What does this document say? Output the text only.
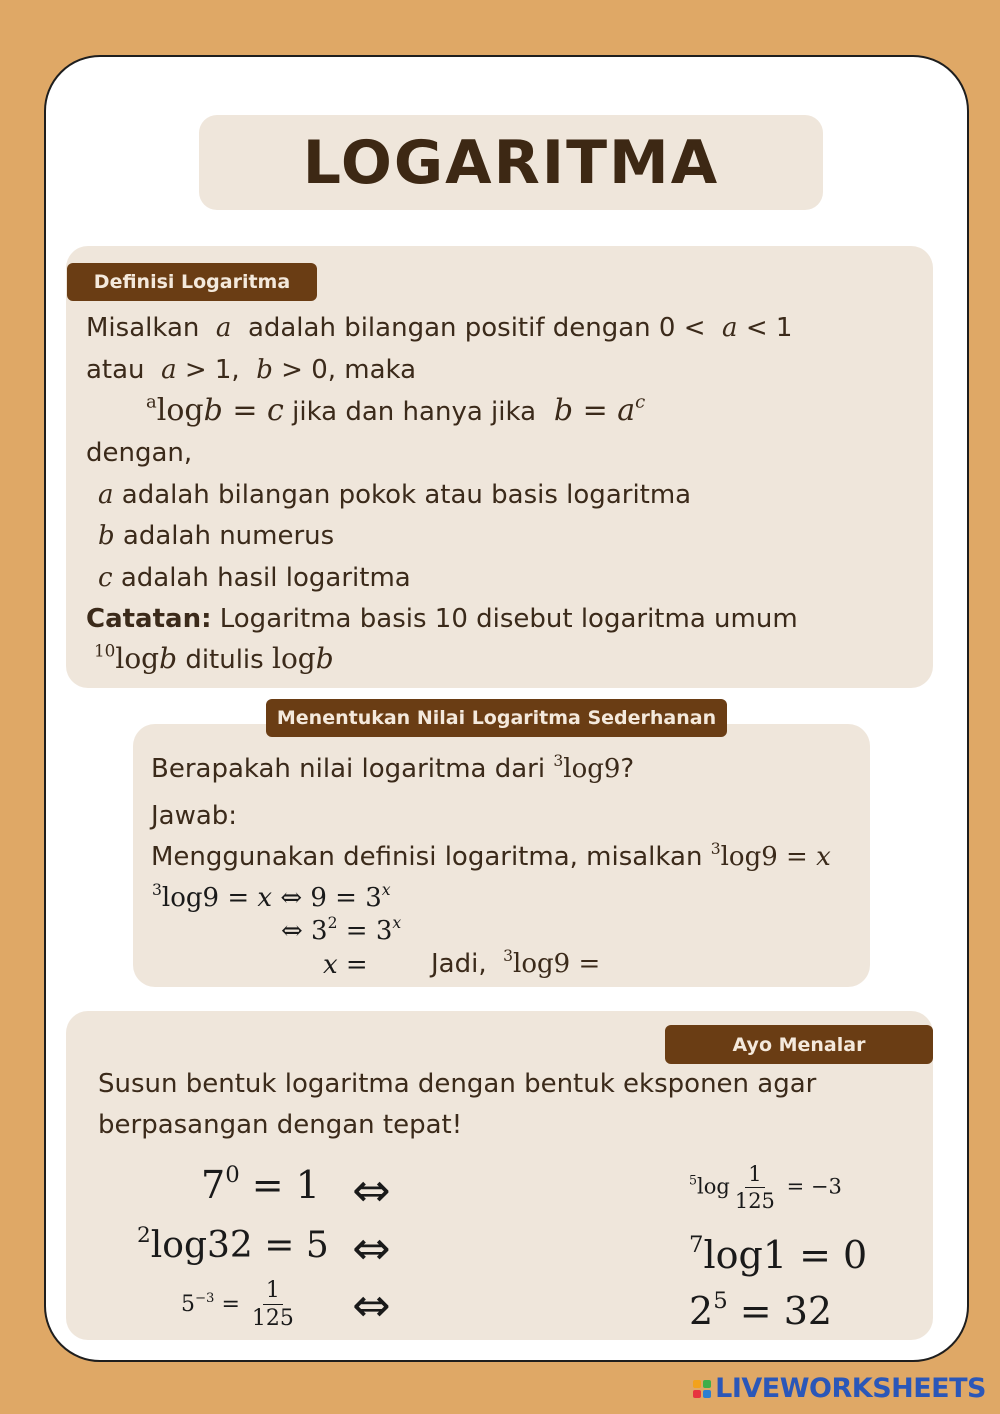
LOGARITMA
Definisi Logaritma
Misalkan  a  adalah bilangan positif dengan 0 <  a < 1
atau  a > 1,  b > 0, maka
$^a$logb = c jika dan hanya jika $b = a^c$
dengan,
a adalah bilangan pokok atau basis logaritma
b adalah numerus
c adalah hasil logaritma
Catatan: Logaritma basis 10 disebut logaritma umum
$^{10}$logb ditulis logb
Menentukan Nilai Logaritma Sederhanan
Berapakah nilai logaritma dari $^3$log9?
Jawab:
Menggunakan definisi logaritma, misalkan $^3$log9 = x
$^3$log9 = x ⇔ $9 = 3^x$
⇔ $3^2 = 3^x$
x = Jadi, $^3$log9 =
Ayo Menalar
Susun bentuk logaritma dengan bentuk eksponen agar
berpasangan dengan tepat!
$7^0 = 1$
$^2$log32 = 5
$5^{-3} = \frac{1}{125}$
⇔
⇔
⇔
$^5\log \frac{1}{125} = -3$
$^7$log1 = 0
$2^5 = 32$
LIVEWORKSHEETS
